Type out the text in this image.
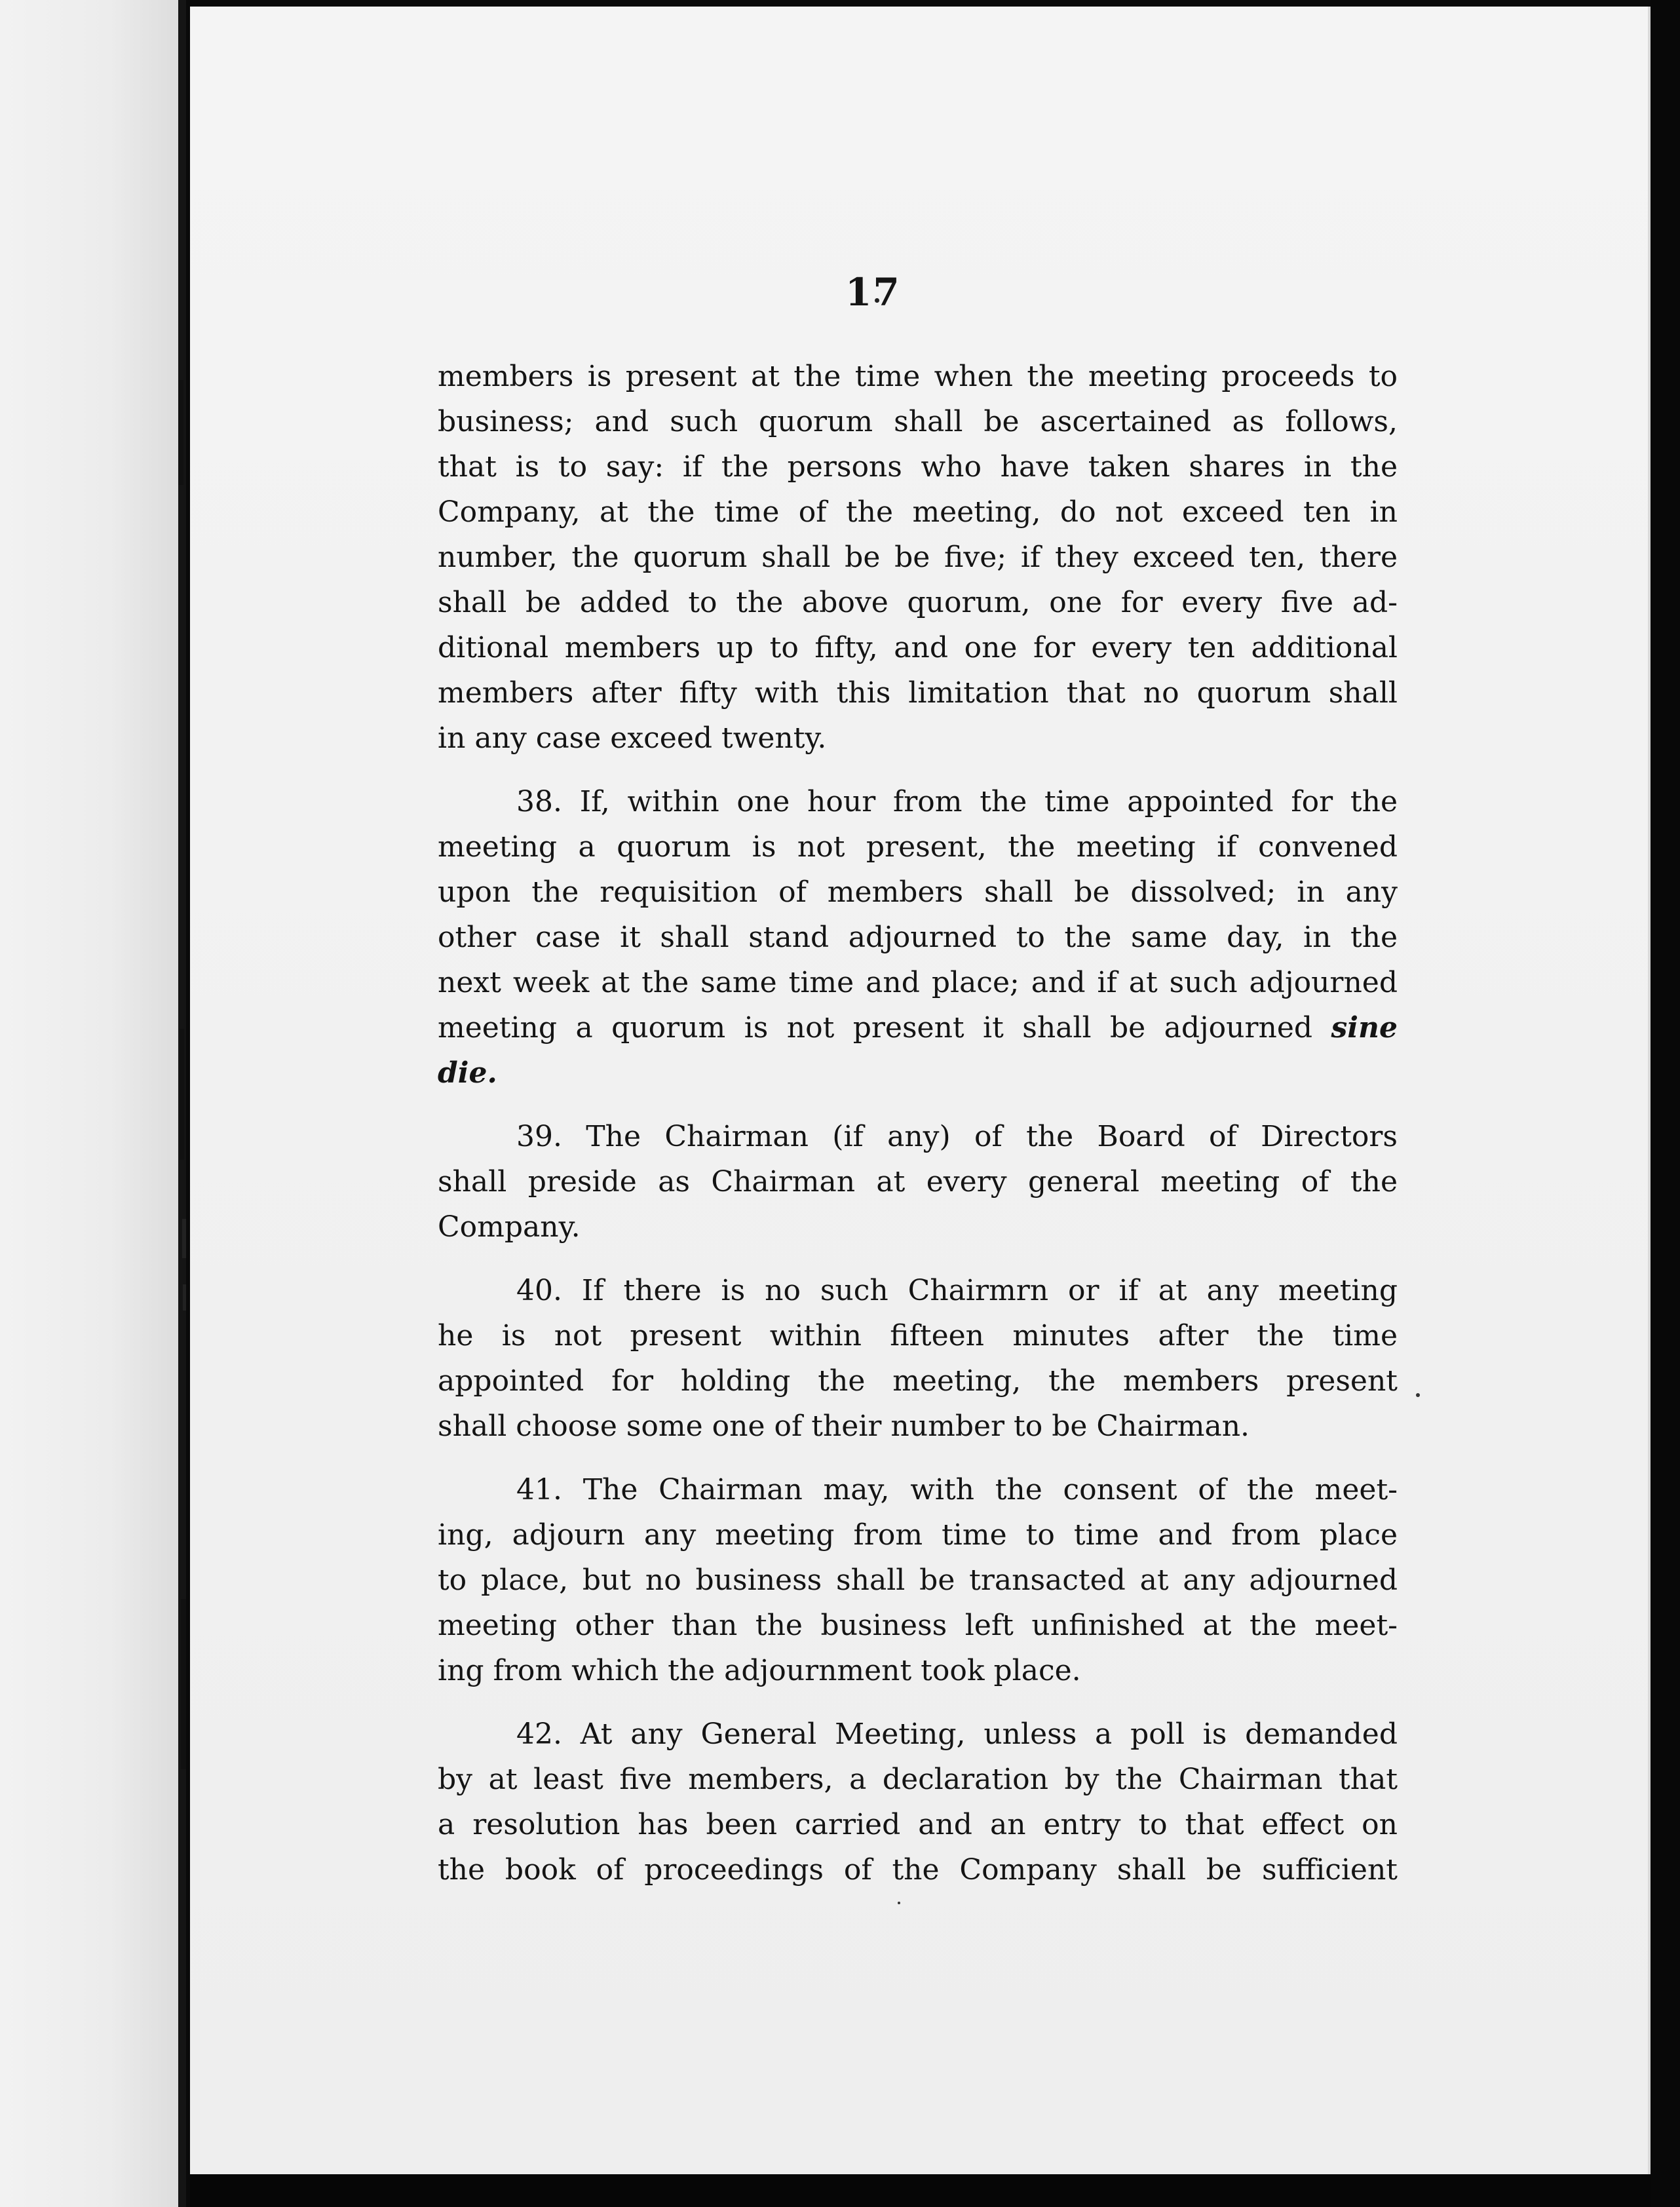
17
members is present at the time when the meeting proceeds to
business; and such quorum shall be ascertained as follows,
that is to say: if the persons who have taken shares in the
Company, at the time of the meeting, do not exceed ten in
number, the quorum shall be be five; if they exceed ten, there
shall be added to the above quorum, one for every five ad-
ditional members up to fifty, and one for every ten additional
members after fifty with this limitation that no quorum shall
in any case exceed twenty.
38. If, within one hour from the time appointed for the
meeting a quorum is not present, the meeting if convened
upon the requisition of members shall be dissolved; in any
other case it shall stand adjourned to the same day, in the
next week at the same time and place; and if at such adjourned
meeting a quorum is not present it shall be adjourned sine
die.
39. The Chairman (if any) of the Board of Directors
shall preside as Chairman at every general meeting of the
Company.
40. If there is no such Chairmrn or if at any meeting
he is not present within fifteen minutes after the time
appointed for holding the meeting, the members present
shall choose some one of their number to be Chairman.
41. The Chairman may, with the consent of the meet-
ing, adjourn any meeting from time to time and from place
to place, but no business shall be transacted at any adjourned
meeting other than the business left unfinished at the meet-
ing from which the adjournment took place.
42. At any General Meeting, unless a poll is demanded
by at least five members, a declaration by the Chairman that
a resolution has been carried and an entry to that effect on
the book of proceedings of the Company shall be sufficient
